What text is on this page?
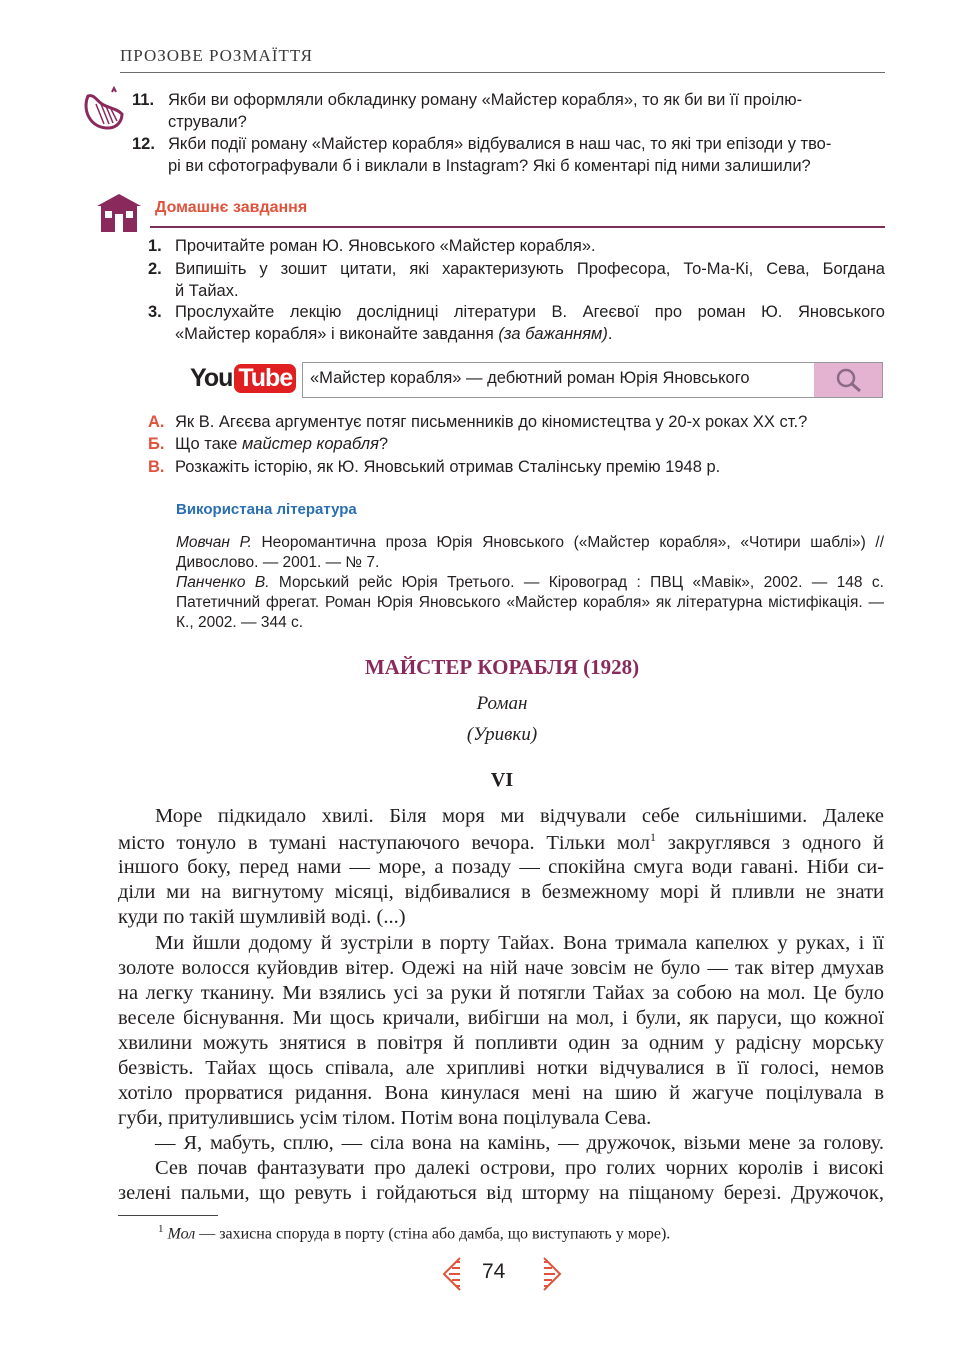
ПРОЗОВЕ РОЗМАЇТТЯ
11. Якби ви оформляли обкладинку роману «Майстер корабля», то як би ви її проілю-
стрували?
12. Якби події роману «Майстер корабля» відбувалися в наш час, то які три епізоди у тво-
рі ви сфотографували б і виклали в Instagram? Які б коментарі під ними залишили?
Домашнє завдання
1. Прочитайте роман Ю. Яновського «Майстер корабля».
2. Випишіть у зошит цитати, які характеризують Професора, То-Ма-Кі, Сева, Богдана
й Тайах.
3. Прослухайте лекцію дослідниці літератури В. Агеєвої про роман Ю. Яновського
«Майстер корабля» і виконайте завдання (за бажанням).
You Tube «Майстер корабля» — дебютний роман Юрія Яновського
А. Як В. Агєєва аргументує потяг письменників до кіномистецтва у 20-х роках ХХ ст.?
Б. Що таке майстер корабля?
В. Розкажіть історію, як Ю. Яновський отримав Сталінську премію 1948 р.
Використана література
Мовчан Р. Неоромантична проза Юрія Яновського («Майстер корабля», «Чотири шаблі») // Дивослово. — 2001. — № 7.
Панченко В. Морський рейс Юрія Третього. — Кіровоград : ПВЦ «Мавік», 2002. — 148 с. Патетичний фрегат. Роман Юрія Яновського «Майстер корабля» як літературна містифікація. — К., 2002. — 344 с.
МАЙСТЕР КОРАБЛЯ (1928)
Роман
(Уривки)
VI
Море підкидало хвилі. Біля моря ми відчували себе сильнішими. Далеке
місто тонуло в тумані наступаючого вечора. Тільки мол$^1$ закруглявся з одного й
іншого боку, перед нами — море, а позаду — спокійна смуга води гавані. Ніби си-
діли ми на вигнутому місяці, відбивалися в безмежному морі й пливли не знати
куди по такій шумливій воді. (...)
Ми йшли додому й зустріли в порту Тайах. Вона тримала капелюх у руках, і її
золоте волосся куйовдив вітер. Одежі на ній наче зовсім не було — так вітер дмухав
на легку тканину. Ми взялись усі за руки й потягли Тайах за собою на мол. Це було
веселе біснування. Ми щось кричали, вибігши на мол, і були, як паруси, що кожної
хвилини можуть знятися в повітря й попливти один за одним у радісну морську
безвість. Тайах щось співала, але хрипливі нотки відчувалися в її голосі, немов
хотіло прорватися ридання. Вона кинулася мені на шию й жагуче поцілувала в
губи, притулившись усім тілом. Потім вона поцілувала Сева.
— Я, мабуть, сплю, — сіла вона на камінь, — дружочок, візьми мене за голову.
Сев почав фантазувати про далекі острови, про голих чорних королів і високі
зелені пальми, що ревуть і гойдаються від шторму на піщаному березі. Дружочок,
$^1$ Мол — захисна споруда в порту (стіна або дамба, що виступають у море).
74
